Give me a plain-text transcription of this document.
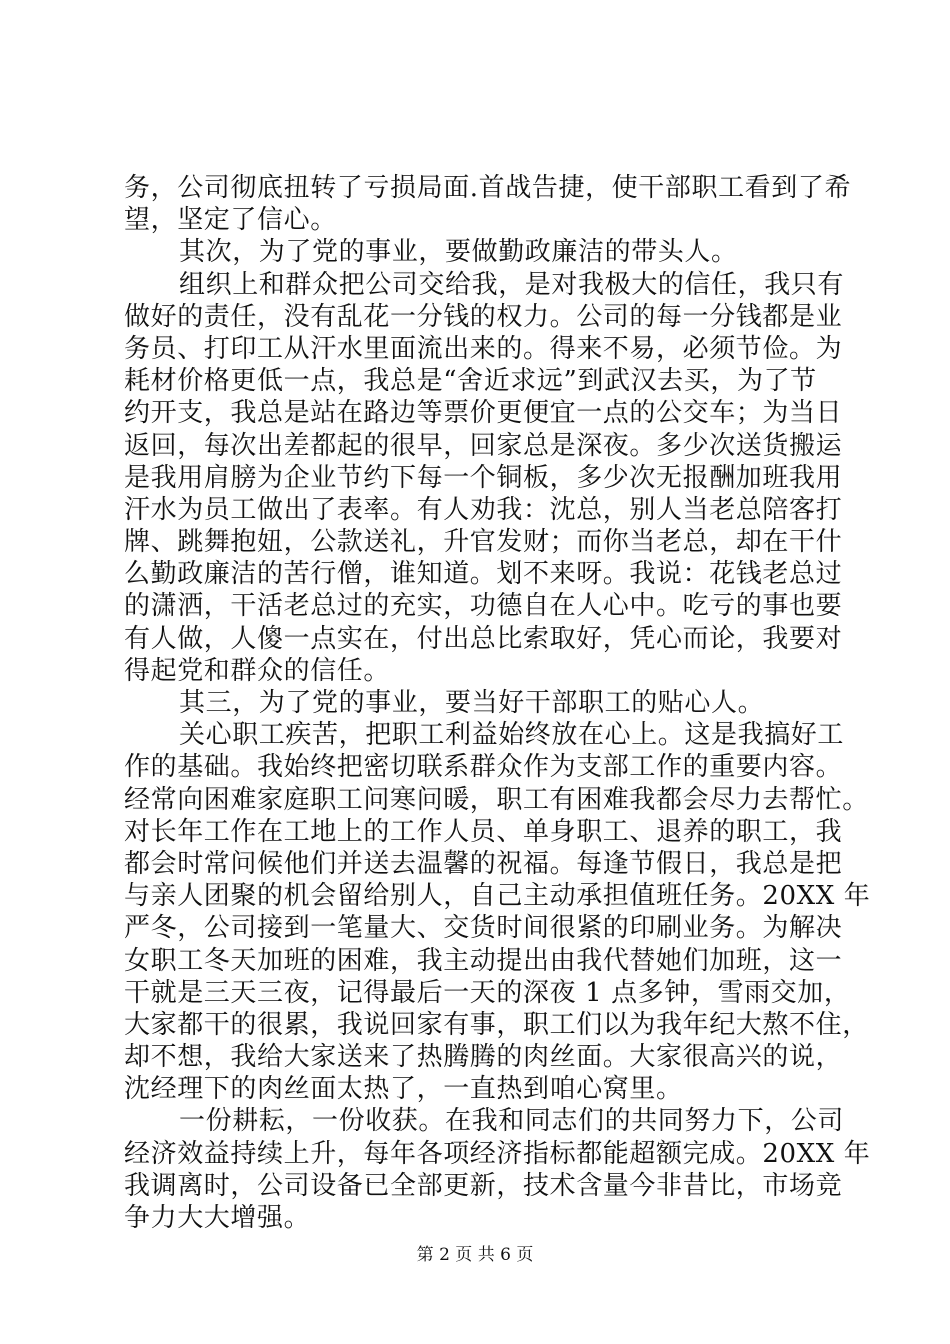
务，公司彻底扭转了亏损局面.首战告捷，使干部职工看到了希
望，坚定了信心。
其次，为了党的事业，要做勤政廉洁的带头人。
组织上和群众把公司交给我，是对我极大的信任，我只有
做好的责任，没有乱花一分钱的权力。公司的每一分钱都是业
务员、打印工从汗水里面流出来的。得来不易，必须节俭。为
耗材价格更低一点，我总是“舍近求远”到武汉去买，为了节
约开支，我总是站在路边等票价更便宜一点的公交车；为当日
返回，每次出差都起的很早，回家总是深夜。多少次送货搬运
是我用肩膀为企业节约下每一个铜板，多少次无报酬加班我用
汗水为员工做出了表率。有人劝我：沈总，别人当老总陪客打
牌、跳舞抱妞，公款送礼，升官发财；而你当老总，却在干什
么勤政廉洁的苦行僧，谁知道。划不来呀。我说：花钱老总过
的潇洒，干活老总过的充实，功德自在人心中。吃亏的事也要
有人做，人傻一点实在，付出总比索取好，凭心而论，我要对
得起党和群众的信任。
其三，为了党的事业，要当好干部职工的贴心人。
关心职工疾苦，把职工利益始终放在心上。这是我搞好工
作的基础。我始终把密切联系群众作为支部工作的重要内容。
经常向困难家庭职工问寒问暖，职工有困难我都会尽力去帮忙。
对长年工作在工地上的工作人员、单身职工、退养的职工，我
都会时常问候他们并送去温馨的祝福。每逢节假日，我总是把
与亲人团聚的机会留给别人，自己主动承担值班任务。20XX 年
严冬，公司接到一笔量大、交货时间很紧的印刷业务。为解决
女职工冬天加班的困难，我主动提出由我代替她们加班，这一
干就是三天三夜，记得最后一天的深夜 1 点多钟，雪雨交加，
大家都干的很累，我说回家有事，职工们以为我年纪大熬不住，
却不想，我给大家送来了热腾腾的肉丝面。大家很高兴的说，
沈经理下的肉丝面太热了，一直热到咱心窝里。
一份耕耘，一份收获。在我和同志们的共同努力下，公司
经济效益持续上升，每年各项经济指标都能超额完成。20XX 年
我调离时，公司设备已全部更新，技术含量今非昔比，市场竞
争力大大增强。
第 2 页 共 6 页
